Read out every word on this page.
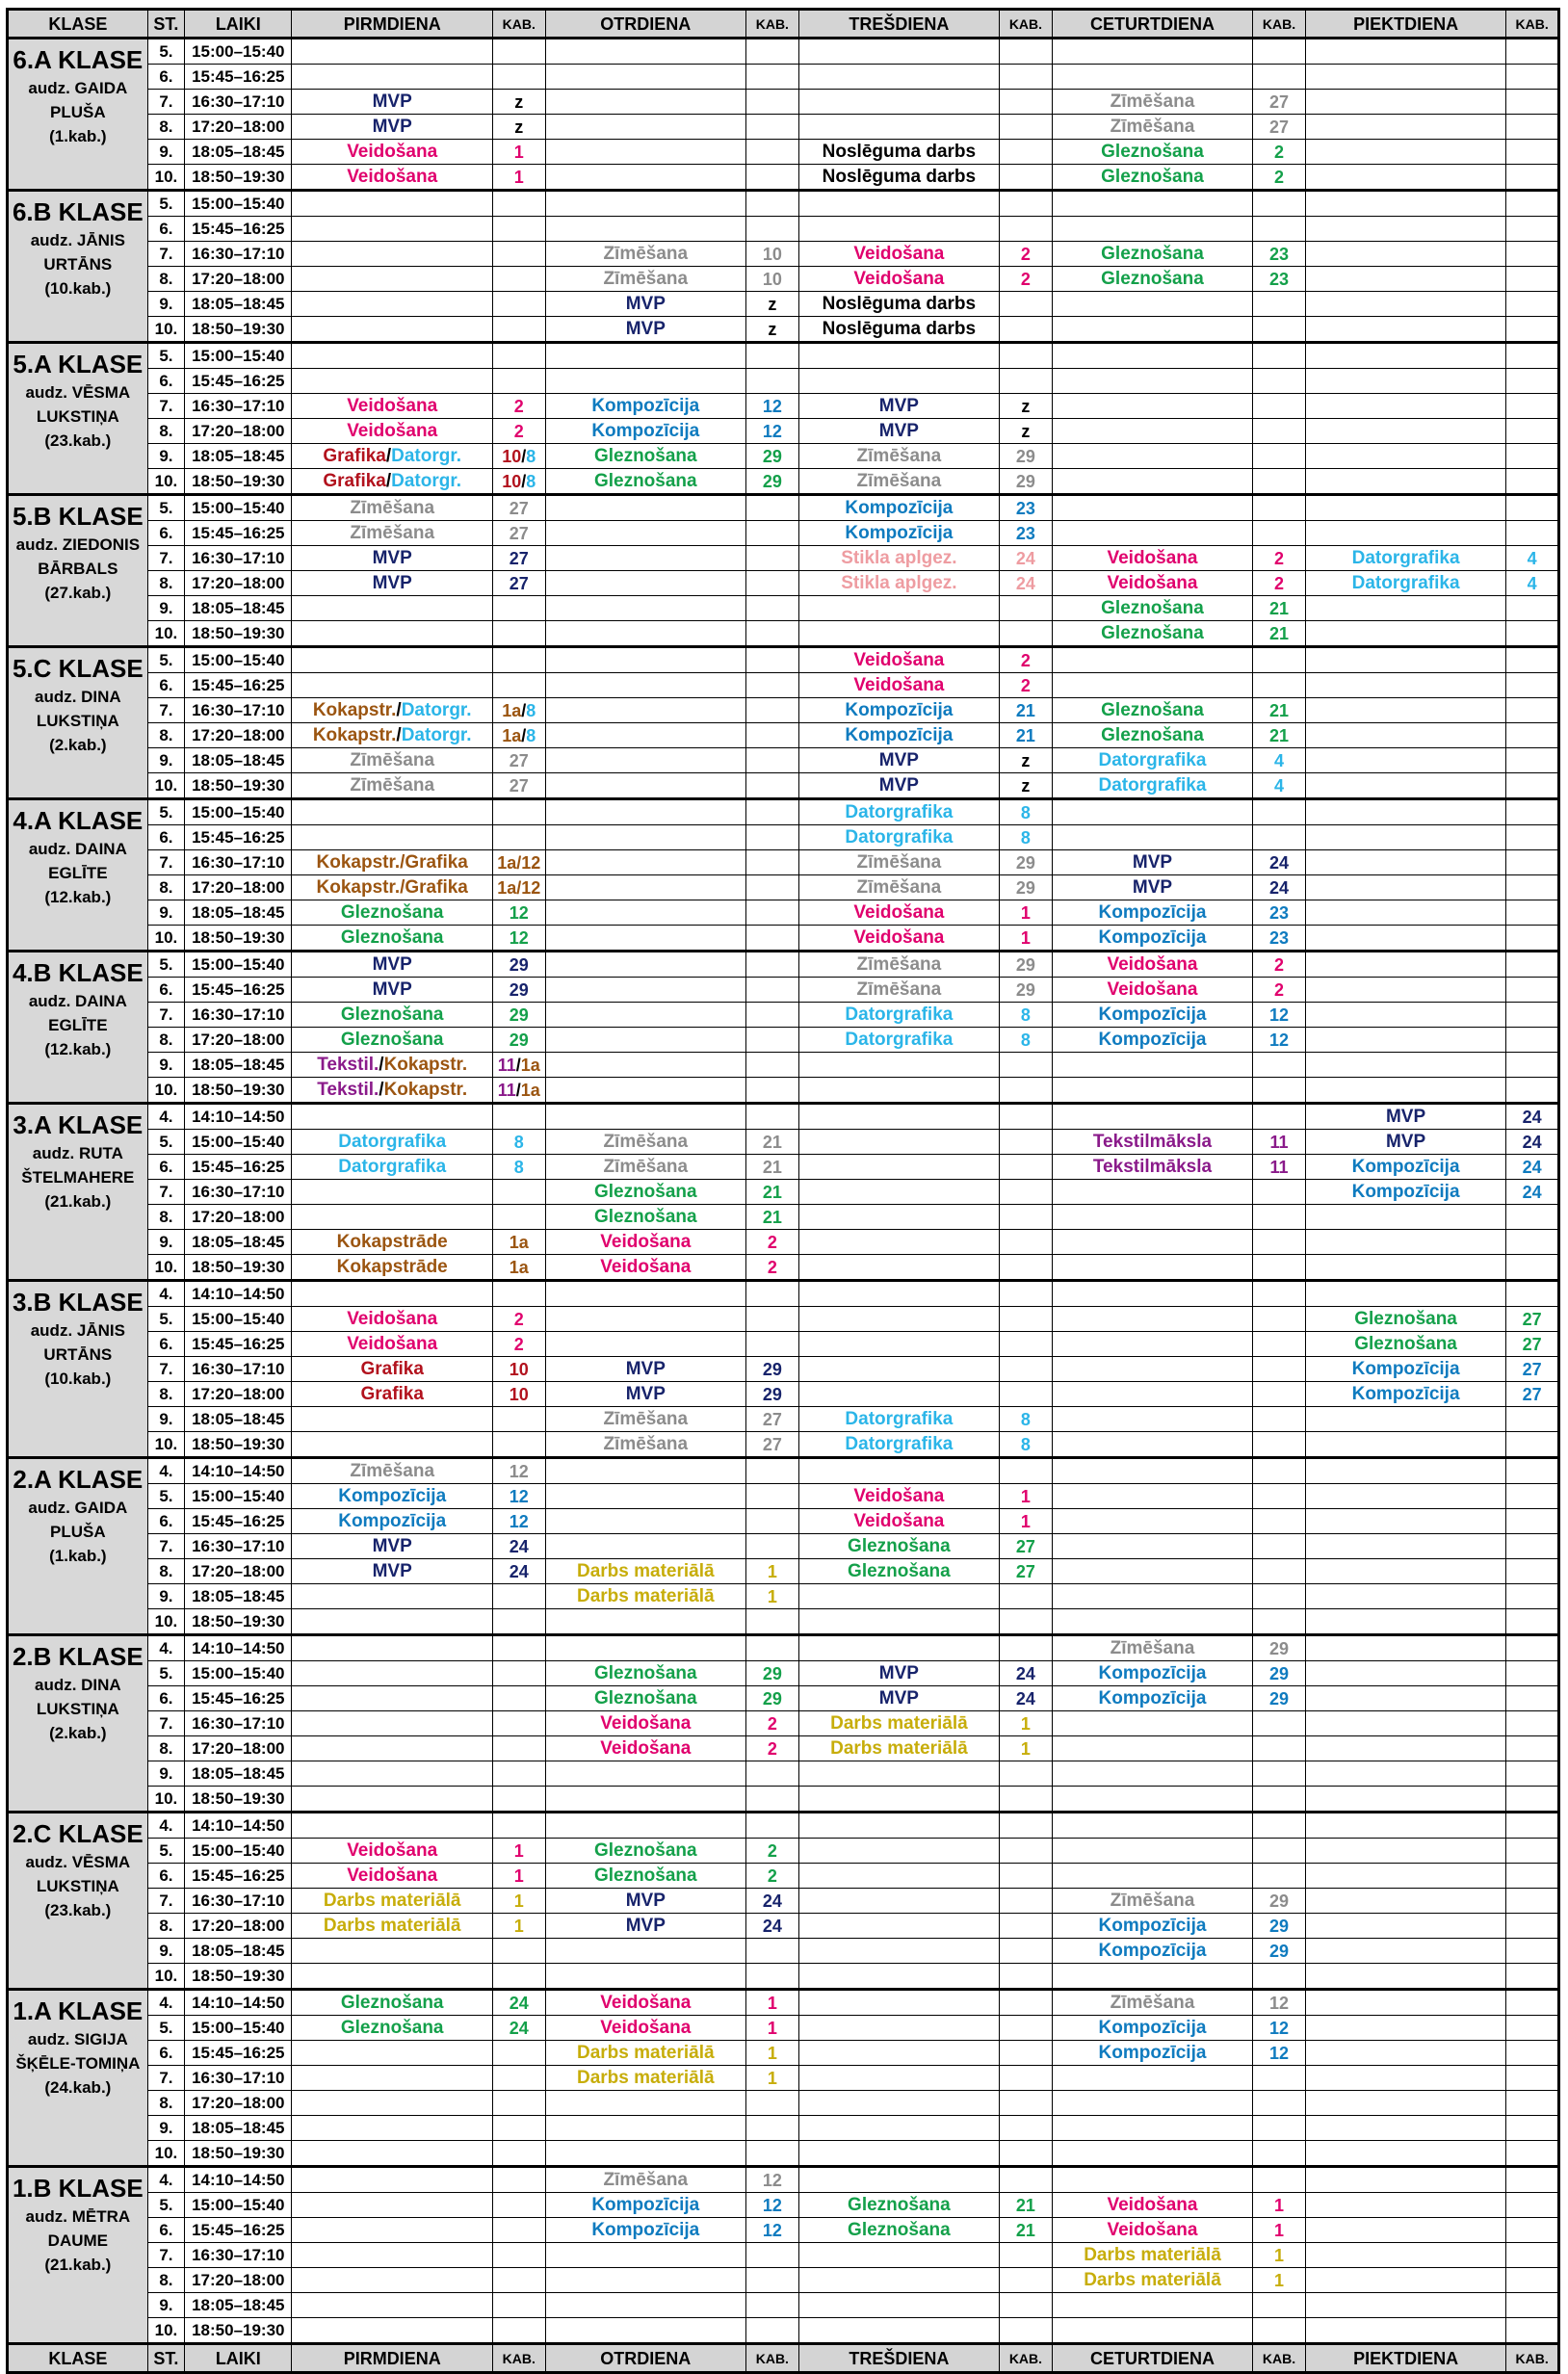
KLASE	ST.	LAIKI	PIRMDIENA	KAB.	OTRDIENA	KAB.	TREŠDIENA	KAB.	CETURTDIENA	KAB.	PIEKTDIENA	KAB.

6.A KLASE
audz. GAIDA PLUŠA
(1.kab.)	5.	15:00–15:40										
	6.	15:45–16:25										
	7.	16:30–17:10	MVP	z					Zīmēšana	27		
	8.	17:20–18:00	MVP	z					Zīmēšana	27		
	9.	18:05–18:45	Veidošana	1			Noslēguma darbs		Gleznošana	2		
	10.	18:50–19:30	Veidošana	1			Noslēguma darbs		Gleznošana	2		

6.B KLASE
audz. JĀNIS URTĀNS
(10.kab.)	5.	15:00–15:40										
	6.	15:45–16:25										
	7.	16:30–17:10			Zīmēšana	10	Veidošana	2	Gleznošana	23		
	8.	17:20–18:00			Zīmēšana	10	Veidošana	2	Gleznošana	23		
	9.	18:05–18:45			MVP	z	Noslēguma darbs					
	10.	18:50–19:30			MVP	z	Noslēguma darbs					

5.A KLASE
audz. VĒSMA LUKSTIŅA
(23.kab.)	5.	15:00–15:40										
	6.	15:45–16:25										
	7.	16:30–17:10	Veidošana	2	Kompozīcija	12	MVP	z				
	8.	17:20–18:00	Veidošana	2	Kompozīcija	12	MVP	z				
	9.	18:05–18:45	Grafika/Datorgr.	10/8	Gleznošana	29	Zīmēšana	29				
	10.	18:50–19:30	Grafika/Datorgr.	10/8	Gleznošana	29	Zīmēšana	29				

5.B KLASE
audz. ZIEDONIS BĀRBALS
(27.kab.)	5.	15:00–15:40	Zīmēšana	27			Kompozīcija	23				
	6.	15:45–16:25	Zīmēšana	27			Kompozīcija	23				
	7.	16:30–17:10	MVP	27			Stikla aplgez.	24	Veidošana	2	Datorgrafika	4
	8.	17:20–18:00	MVP	27			Stikla aplgez.	24	Veidošana	2	Datorgrafika	4
	9.	18:05–18:45							Gleznošana	21		
	10.	18:50–19:30							Gleznošana	21		

5.C KLASE
audz. DINA LUKSTIŅA
(2.kab.)	5.	15:00–15:40					Veidošana	2				
	6.	15:45–16:25					Veidošana	2				
	7.	16:30–17:10	Kokapstr./Datorgr.	1a/8			Kompozīcija	21	Gleznošana	21		
	8.	17:20–18:00	Kokapstr./Datorgr.	1a/8			Kompozīcija	21	Gleznošana	21		
	9.	18:05–18:45	Zīmēšana	27			MVP	z	Datorgrafika	4		
	10.	18:50–19:30	Zīmēšana	27			MVP	z	Datorgrafika	4		

4.A KLASE
audz. DAINA EGLĪTE
(12.kab.)	5.	15:00–15:40					Datorgrafika	8				
	6.	15:45–16:25					Datorgrafika	8				
	7.	16:30–17:10	Kokapstr./Grafika	1a/12			Zīmēšana	29	MVP	24		
	8.	17:20–18:00	Kokapstr./Grafika	1a/12			Zīmēšana	29	MVP	24		
	9.	18:05–18:45	Gleznošana	12			Veidošana	1	Kompozīcija	23		
	10.	18:50–19:30	Gleznošana	12			Veidošana	1	Kompozīcija	23		

4.B KLASE
audz. DAINA EGLĪTE
(12.kab.)	5.	15:00–15:40	MVP	29			Zīmēšana	29	Veidošana	2		
	6.	15:45–16:25	MVP	29			Zīmēšana	29	Veidošana	2		
	7.	16:30–17:10	Gleznošana	29			Datorgrafika	8	Kompozīcija	12		
	8.	17:20–18:00	Gleznošana	29			Datorgrafika	8	Kompozīcija	12		
	9.	18:05–18:45	Tekstil./Kokapstr.	11/1a								
	10.	18:50–19:30	Tekstil./Kokapstr.	11/1a								

3.A KLASE
audz. RUTA ŠTELMAHERE
(21.kab.)	4.	14:10–14:50									MVP	24
	5.	15:00–15:40	Datorgrafika	8	Zīmēšana	21			Tekstilmāksla	11	MVP	24
	6.	15:45–16:25	Datorgrafika	8	Zīmēšana	21			Tekstilmāksla	11	Kompozīcija	24
	7.	16:30–17:10			Gleznošana	21					Kompozīcija	24
	8.	17:20–18:00			Gleznošana	21						
	9.	18:05–18:45	Kokapstrāde	1a	Veidošana	2						
	10.	18:50–19:30	Kokapstrāde	1a	Veidošana	2						

3.B KLASE
audz. JĀNIS URTĀNS
(10.kab.)	4.	14:10–14:50										
	5.	15:00–15:40	Veidošana	2							Gleznošana	27
	6.	15:45–16:25	Veidošana	2							Gleznošana	27
	7.	16:30–17:10	Grafika	10	MVP	29					Kompozīcija	27
	8.	17:20–18:00	Grafika	10	MVP	29					Kompozīcija	27
	9.	18:05–18:45			Zīmēšana	27	Datorgrafika	8				
	10.	18:50–19:30			Zīmēšana	27	Datorgrafika	8				

2.A KLASE
audz. GAIDA PLUŠA
(1.kab.)	4.	14:10–14:50	Zīmēšana	12								
	5.	15:00–15:40	Kompozīcija	12			Veidošana	1				
	6.	15:45–16:25	Kompozīcija	12			Veidošana	1				
	7.	16:30–17:10	MVP	24			Gleznošana	27				
	8.	17:20–18:00	MVP	24	Darbs materiālā	1	Gleznošana	27				
	9.	18:05–18:45			Darbs materiālā	1						
	10.	18:50–19:30										

2.B KLASE
audz. DINA LUKSTIŅA
(2.kab.)	4.	14:10–14:50							Zīmēšana	29		
	5.	15:00–15:40			Gleznošana	29	MVP	24	Kompozīcija	29		
	6.	15:45–16:25			Gleznošana	29	MVP	24	Kompozīcija	29		
	7.	16:30–17:10			Veidošana	2	Darbs materiālā	1				
	8.	17:20–18:00			Veidošana	2	Darbs materiālā	1				
	9.	18:05–18:45										
	10.	18:50–19:30										

2.C KLASE
audz. VĒSMA LUKSTIŅA
(23.kab.)	4.	14:10–14:50										
	5.	15:00–15:40	Veidošana	1	Gleznošana	2						
	6.	15:45–16:25	Veidošana	1	Gleznošana	2						
	7.	16:30–17:10	Darbs materiālā	1	MVP	24			Zīmēšana	29		
	8.	17:20–18:00	Darbs materiālā	1	MVP	24			Kompozīcija	29		
	9.	18:05–18:45							Kompozīcija	29		
	10.	18:50–19:30										

1.A KLASE
audz. SIGIJA ŠĶĒLE-TOMIŅA
(24.kab.)	4.	14:10–14:50	Gleznošana	24	Veidošana	1			Zīmēšana	12		
	5.	15:00–15:40	Gleznošana	24	Veidošana	1			Kompozīcija	12		
	6.	15:45–16:25			Darbs materiālā	1			Kompozīcija	12		
	7.	16:30–17:10			Darbs materiālā	1						
	8.	17:20–18:00										
	9.	18:05–18:45										
	10.	18:50–19:30										

1.B KLASE
audz. MĒTRA DAUME
(21.kab.)	4.	14:10–14:50			Zīmēšana	12						
	5.	15:00–15:40			Kompozīcija	12	Gleznošana	21	Veidošana	1		
	6.	15:45–16:25			Kompozīcija	12	Gleznošana	21	Veidošana	1		
	7.	16:30–17:10							Darbs materiālā	1		
	8.	17:20–18:00							Darbs materiālā	1		
	9.	18:05–18:45										
	10.	18:50–19:30										
KLASE	ST.	LAIKI	PIRMDIENA	KAB.	OTRDIENA	KAB.	TREŠDIENA	KAB.	CETURTDIENA	KAB.	PIEKTDIENA	KAB.
